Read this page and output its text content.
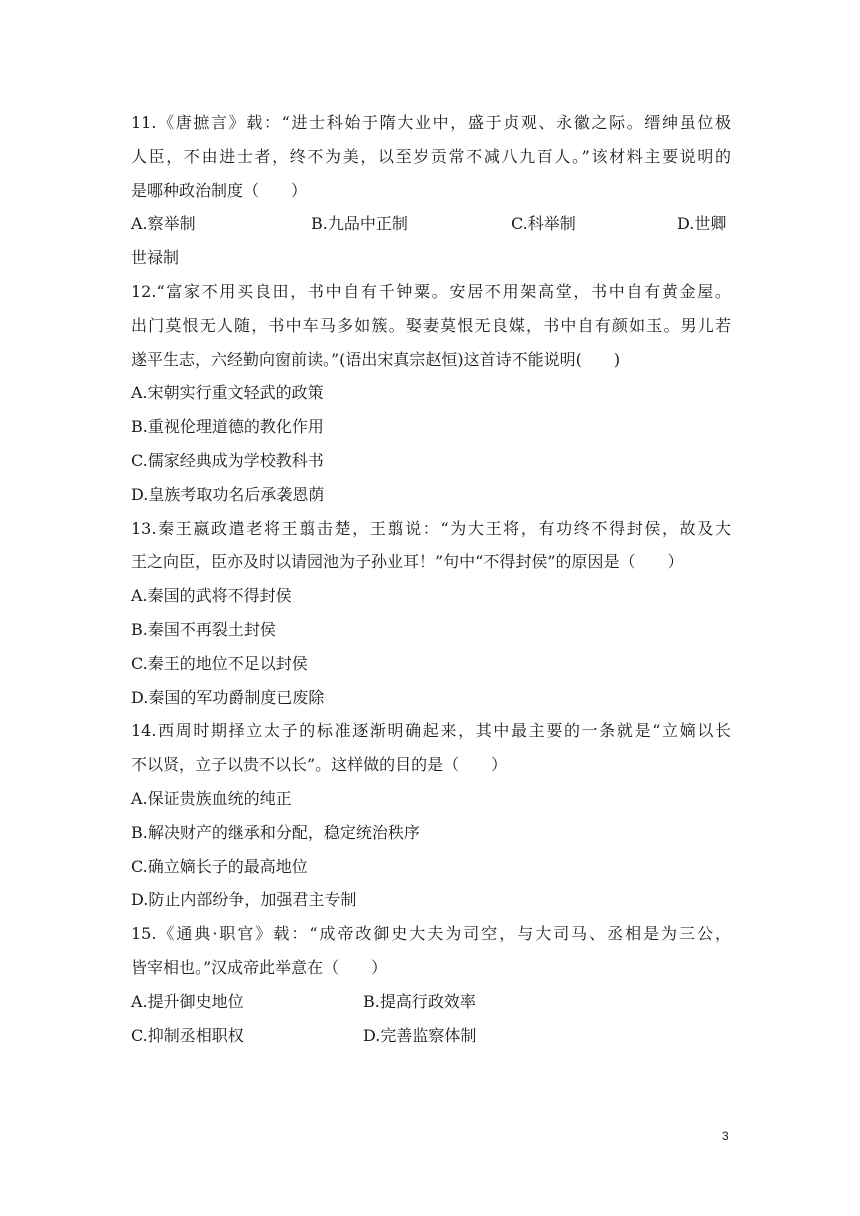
11.《唐摭言》载：“进士科始于隋大业中，盛于贞观、永徽之际。缙绅虽位极
人臣，不由进士者，终不为美，以至岁贡常不减八九百人。”该材料主要说明的
是哪种政治制度（　　）
A.察举制	B.九品中正制	C.科举制	D.世卿
世禄制
12.“富家不用买良田，书中自有千钟粟。安居不用架高堂，书中自有黄金屋。
出门莫恨无人随，书中车马多如簇。娶妻莫恨无良媒，书中自有颜如玉。男儿若
遂平生志，六经勤向窗前读。”(语出宋真宗赵恒)这首诗不能说明(　　)
A.宋朝实行重文轻武的政策
B.重视伦理道德的教化作用
C.儒家经典成为学校教科书
D.皇族考取功名后承袭恩荫
13.秦王嬴政遣老将王翦击楚，王翦说：“为大王将，有功终不得封侯，故及大
王之向臣，臣亦及时以请园池为子孙业耳！”句中“不得封侯”的原因是（　　）
A.秦国的武将不得封侯
B.秦国不再裂土封侯
C.秦王的地位不足以封侯
D.秦国的军功爵制度已废除
14.西周时期择立太子的标准逐渐明确起来，其中最主要的一条就是“立嫡以长
不以贤，立子以贵不以长”。这样做的目的是（　　）
A.保证贵族血统的纯正
B.解决财产的继承和分配，稳定统治秩序
C.确立嫡长子的最高地位
D.防止内部纷争，加强君主专制
15.《通典·职官》载：“成帝改御史大夫为司空，与大司马、丞相是为三公，
皆宰相也。”汉成帝此举意在（　　）
A.提升御史地位	B.提高行政效率
C.抑制丞相职权	D.完善监察体制
3
